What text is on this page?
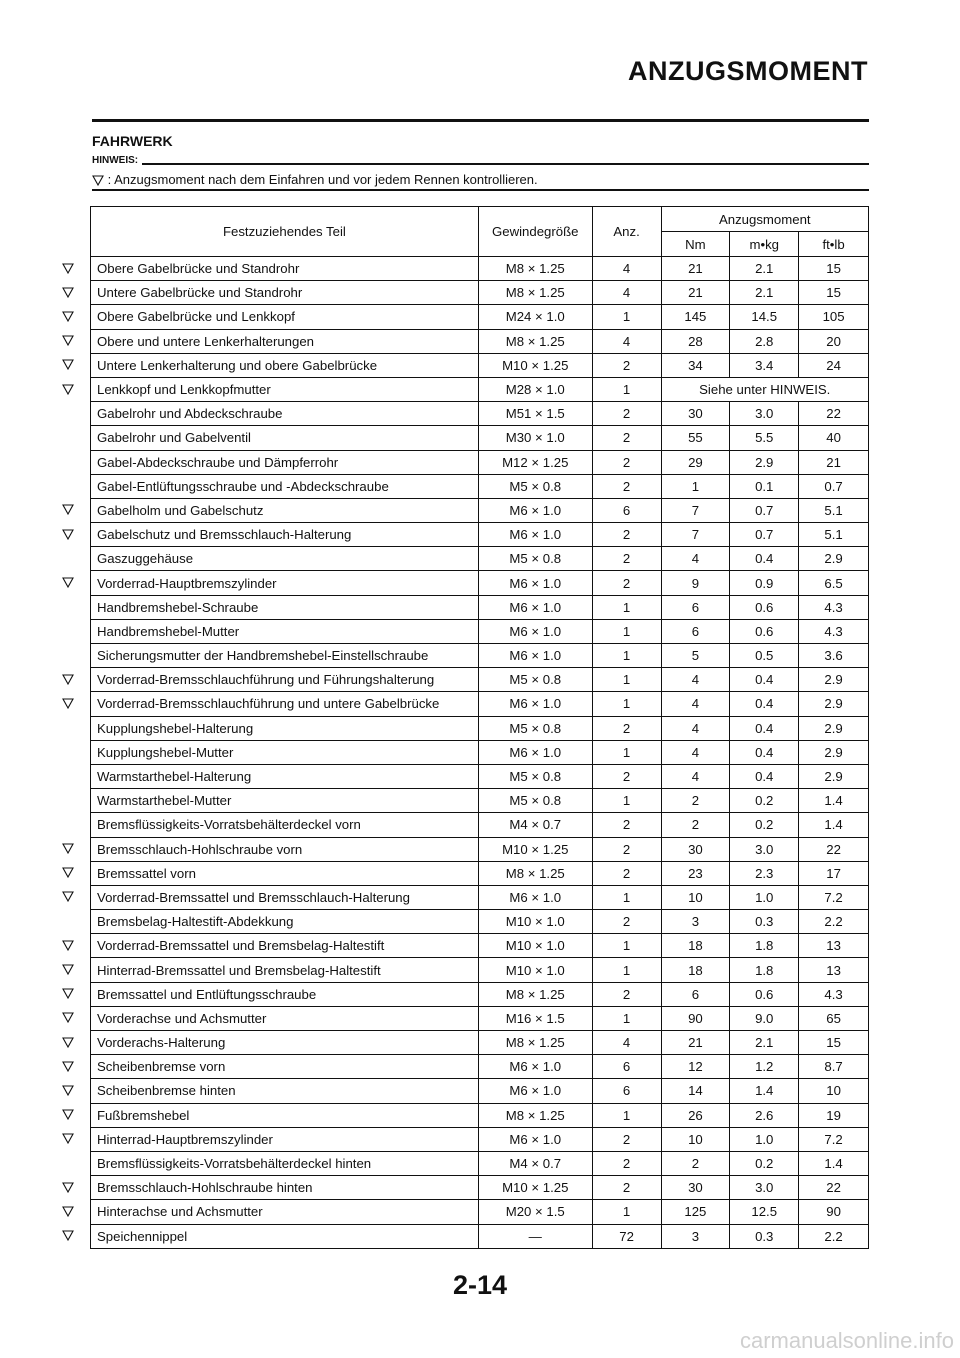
ANZUGSMOMENT
FAHRWERK
HINWEIS:
: Anzugsmoment nach dem Einfahren und vor jedem Rennen kontrollieren.
Festzuziehendes Teil	Gewindegröße	Anz.	Anzugsmoment		
			Nm	m•kg	ft•lb
Obere Gabelbrücke und Standrohr	M8 × 1.25	4	21	2.1	15
Untere Gabelbrücke und Standrohr	M8 × 1.25	4	21	2.1	15
Obere Gabelbrücke und Lenkkopf	M24 × 1.0	1	145	14.5	105
Obere und untere Lenkerhalterungen	M8 × 1.25	4	28	2.8	20
Untere Lenkerhalterung und obere Gabelbrücke	M10 × 1.25	2	34	3.4	24
Lenkkopf und Lenkkopfmutter	M28 × 1.0	1	Siehe unter HINWEIS.		
Gabelrohr und Abdeckschraube	M51 × 1.5	2	30	3.0	22
Gabelrohr und Gabelventil	M30 × 1.0	2	55	5.5	40
Gabel-Abdeckschraube und Dämpferrohr	M12 × 1.25	2	29	2.9	21
Gabel-Entlüftungsschraube und -Abdeckschraube	M5 × 0.8	2	1	0.1	0.7
Gabelholm und Gabelschutz	M6 × 1.0	6	7	0.7	5.1
Gabelschutz und Bremsschlauch-Halterung	M6 × 1.0	2	7	0.7	5.1
Gaszuggehäuse	M5 × 0.8	2	4	0.4	2.9
Vorderrad-Hauptbremszylinder	M6 × 1.0	2	9	0.9	6.5
Handbremshebel-Schraube	M6 × 1.0	1	6	0.6	4.3
Handbremshebel-Mutter	M6 × 1.0	1	6	0.6	4.3
Sicherungsmutter der Handbremshebel-Einstellschraube	M6 × 1.0	1	5	0.5	3.6
Vorderrad-Bremsschlauchführung und Führungshalterung	M5 × 0.8	1	4	0.4	2.9
Vorderrad-Bremsschlauchführung und untere Gabelbrücke	M6 × 1.0	1	4	0.4	2.9
Kupplungshebel-Halterung	M5 × 0.8	2	4	0.4	2.9
Kupplungshebel-Mutter	M6 × 1.0	1	4	0.4	2.9
Warmstarthebel-Halterung	M5 × 0.8	2	4	0.4	2.9
Warmstarthebel-Mutter	M5 × 0.8	1	2	0.2	1.4
Bremsflüssigkeits-Vorratsbehälterdeckel vorn	M4 × 0.7	2	2	0.2	1.4
Bremsschlauch-Hohlschraube vorn	M10 × 1.25	2	30	3.0	22
Bremssattel vorn	M8 × 1.25	2	23	2.3	17
Vorderrad-Bremssattel und Bremsschlauch-Halterung	M6 × 1.0	1	10	1.0	7.2
Bremsbelag-Haltestift-Abdekkung	M10 × 1.0	2	3	0.3	2.2
Vorderrad-Bremssattel und Bremsbelag-Haltestift	M10 × 1.0	1	18	1.8	13
Hinterrad-Bremssattel und Bremsbelag-Haltestift	M10 × 1.0	1	18	1.8	13
Bremssattel und Entlüftungsschraube	M8 × 1.25	2	6	0.6	4.3
Vorderachse und Achsmutter	M16 × 1.5	1	90	9.0	65
Vorderachs-Halterung	M8 × 1.25	4	21	2.1	15
Scheibenbremse vorn	M6 × 1.0	6	12	1.2	8.7
Scheibenbremse hinten	M6 × 1.0	6	14	1.4	10
Fußbremshebel	M8 × 1.25	1	26	2.6	19
Hinterrad-Hauptbremszylinder	M6 × 1.0	2	10	1.0	7.2
Bremsflüssigkeits-Vorratsbehälterdeckel hinten	M4 × 0.7	2	2	0.2	1.4
Bremsschlauch-Hohlschraube hinten	M10 × 1.25	2	30	3.0	22
Hinterachse und Achsmutter	M20 × 1.5	1	125	12.5	90
Speichennippel	—	72	3	0.3	2.2
2-14
carmanualsonline.info
